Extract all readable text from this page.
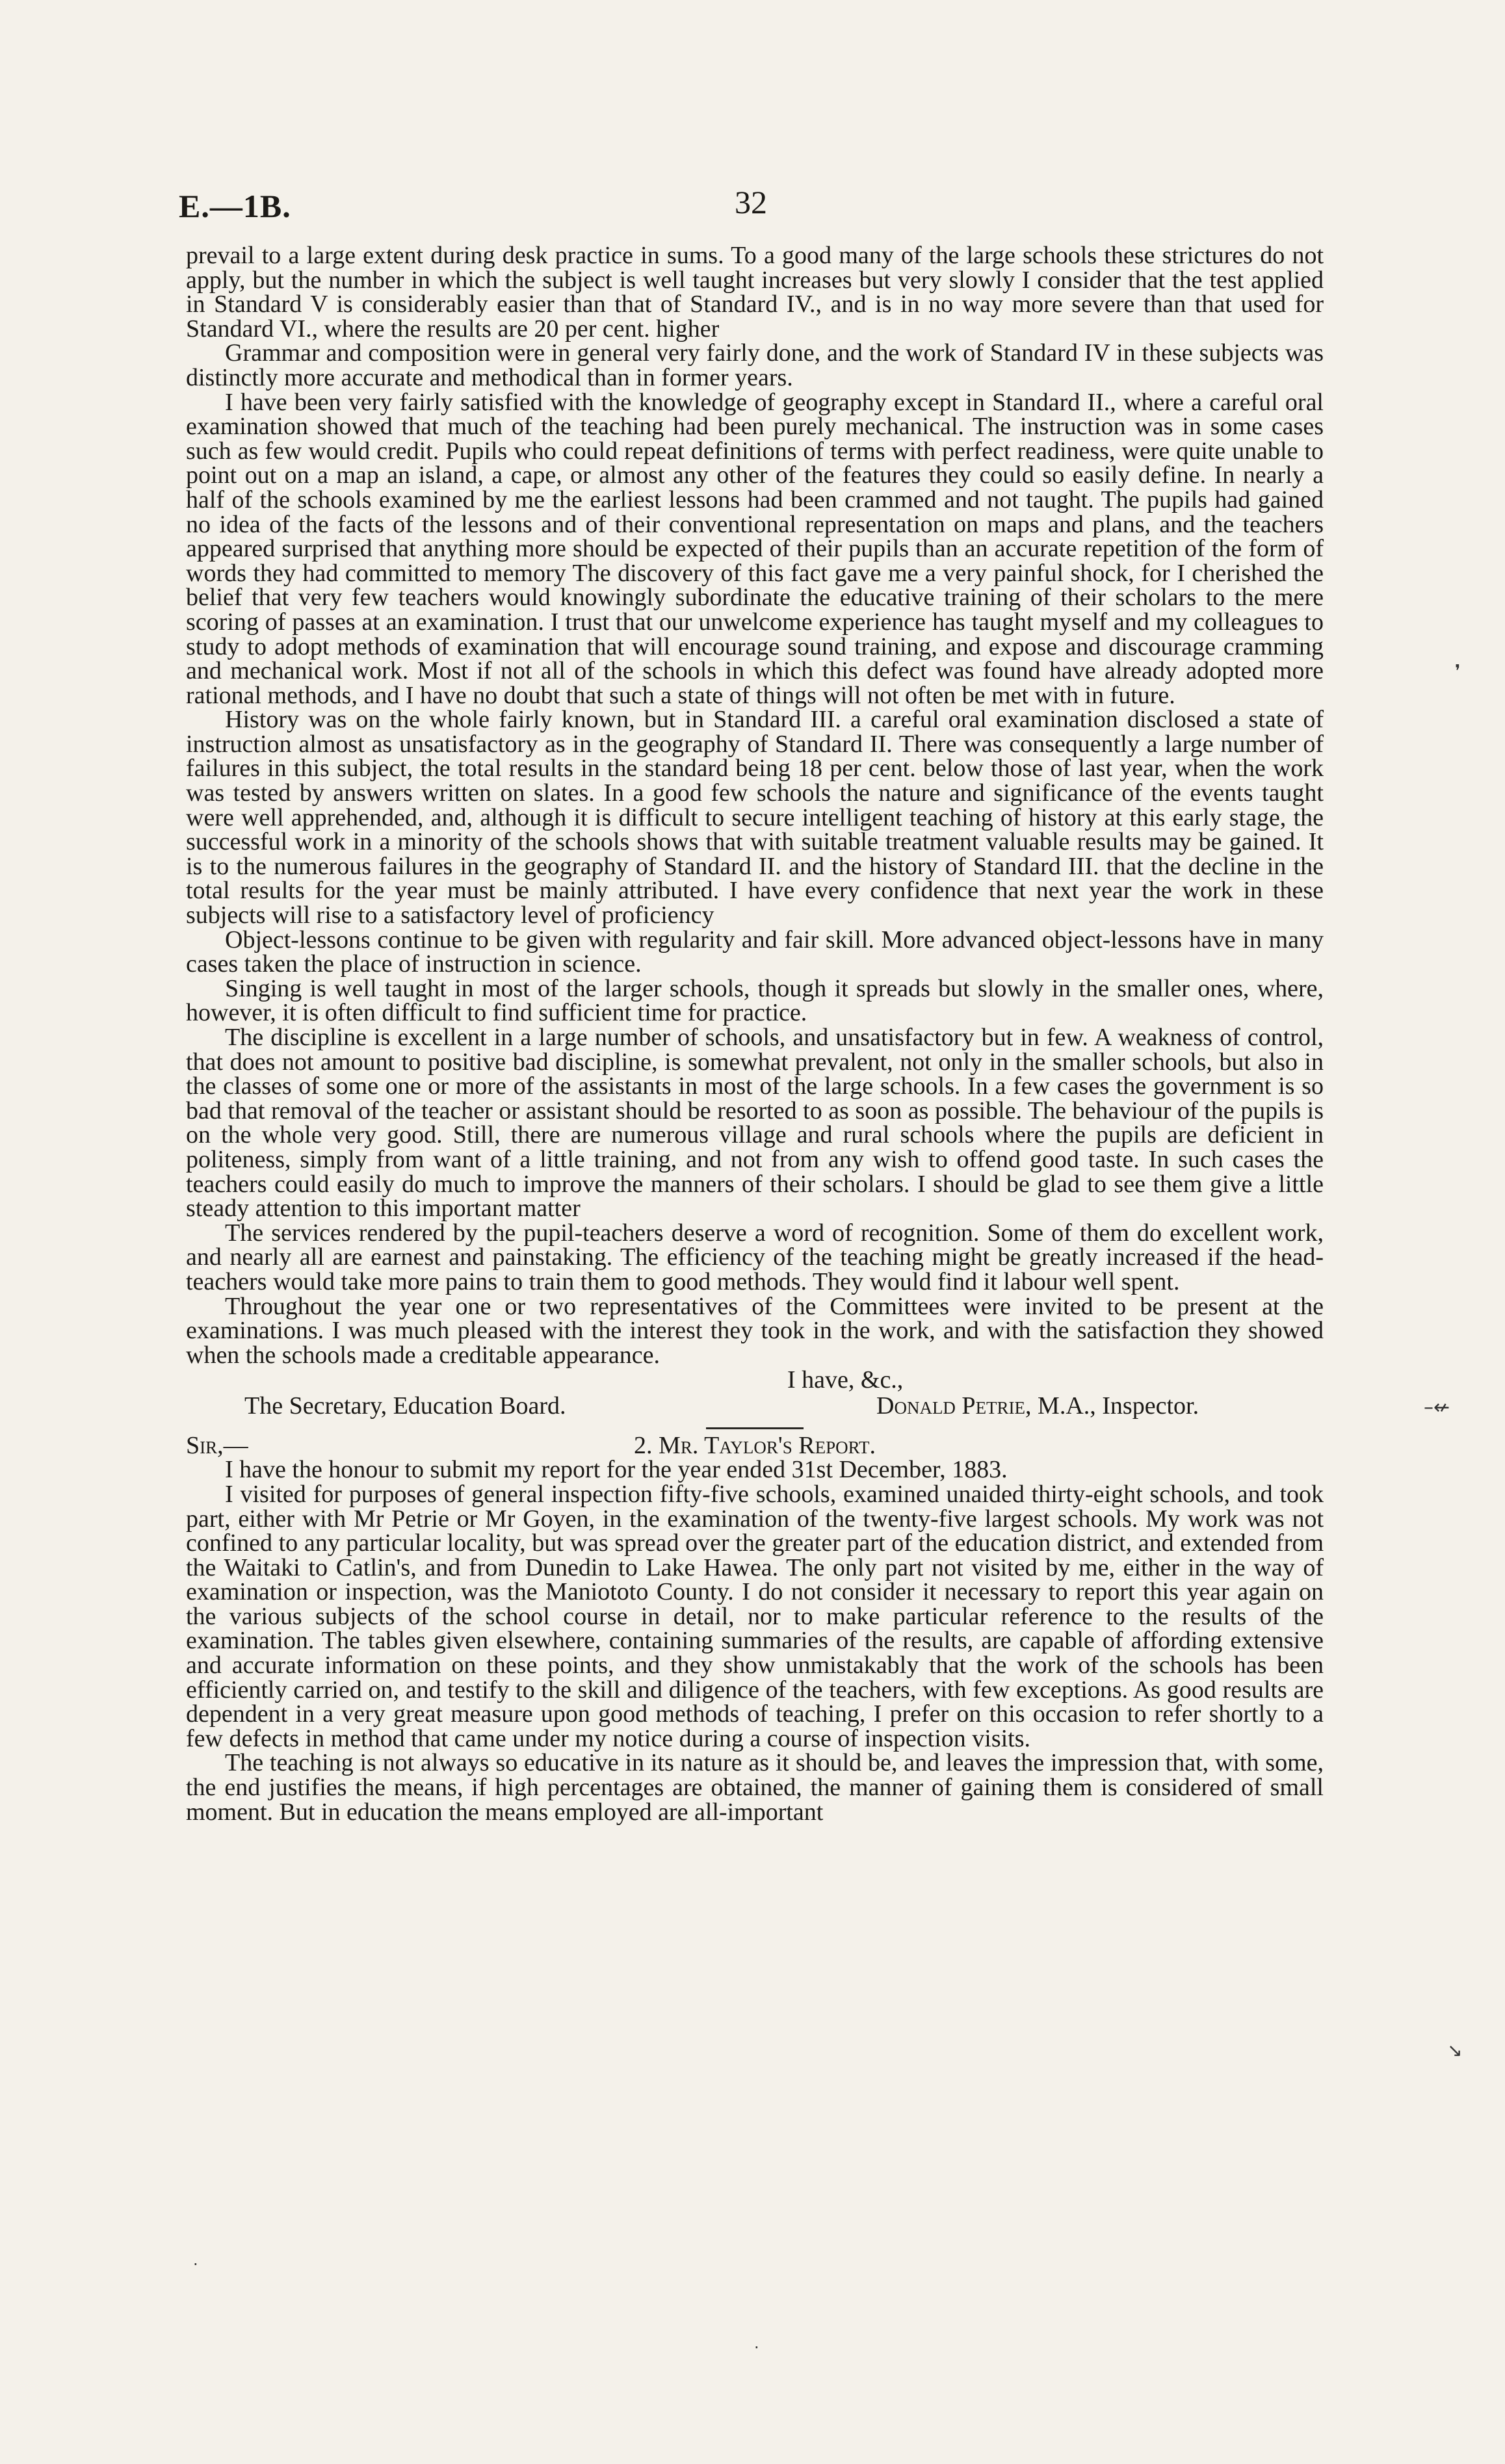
E.—1B.	32

prevail to a large extent during desk practice in sums. To a good many of the large schools these strictures do not apply, but the number in which the subject is well taught increases but very slowly I consider that the test applied in Standard V is considerably easier than that of Standard IV., and is in no way more severe than that used for Standard VI., where the results are 20 per cent. higher

Grammar and composition were in general very fairly done, and the work of Standard IV in these subjects was distinctly more accurate and methodical than in former years.

I have been very fairly satisfied with the knowledge of geography except in Standard II., where a careful oral examination showed that much of the teaching had been purely mechanical. The instruction was in some cases such as few would credit. Pupils who could repeat definitions of terms with perfect readiness, were quite unable to point out on a map an island, a cape, or almost any other of the features they could so easily define. In nearly a half of the schools examined by me the earliest lessons had been crammed and not taught. The pupils had gained no idea of the facts of the lessons and of their conventional representation on maps and plans, and the teachers appeared surprised that anything more should be expected of their pupils than an accurate repetition of the form of words they had committed to memory The discovery of this fact gave me a very painful shock, for I cherished the belief that very few teachers would knowingly subordinate the educative training of their scholars to the mere scoring of passes at an examination. I trust that our unwelcome experience has taught myself and my colleagues to study to adopt methods of examination that will encourage sound training, and expose and discourage cramming and mechanical work. Most if not all of the schools in which this defect was found have already adopted more rational methods, and I have no doubt that such a state of things will not often be met with in future.

History was on the whole fairly known, but in Standard III. a careful oral examination disclosed a state of instruction almost as unsatisfactory as in the geography of Standard II. There was consequently a large number of failures in this subject, the total results in the standard being 18 per cent. below those of last year, when the work was tested by answers written on slates. In a good few schools the nature and significance of the events taught were well apprehended, and, although it is difficult to secure intelligent teaching of history at this early stage, the successful work in a minority of the schools shows that with suitable treatment valuable results may be gained. It is to the numerous failures in the geography of Standard II. and the history of Standard III. that the decline in the total results for the year must be mainly attributed. I have every confidence that next year the work in these subjects will rise to a satisfactory level of proficiency

Object-lessons continue to be given with regularity and fair skill. More advanced object-lessons have in many cases taken the place of instruction in science.

Singing is well taught in most of the larger schools, though it spreads but slowly in the smaller ones, where, however, it is often difficult to find sufficient time for practice.

The discipline is excellent in a large number of schools, and unsatisfactory but in few. A weakness of control, that does not amount to positive bad discipline, is somewhat prevalent, not only in the smaller schools, but also in the classes of some one or more of the assistants in most of the large schools. In a few cases the government is so bad that removal of the teacher or assistant should be resorted to as soon as possible. The behaviour of the pupils is on the whole very good. Still, there are numerous village and rural schools where the pupils are deficient in politeness, simply from want of a little training, and not from any wish to offend good taste. In such cases the teachers could easily do much to improve the manners of their scholars. I should be glad to see them give a little steady attention to this important matter

The services rendered by the pupil-teachers deserve a word of recognition. Some of them do excellent work, and nearly all are earnest and painstaking. The efficiency of the teaching might be greatly increased if the head-teachers would take more pains to train them to good methods. They would find it labour well spent.

Throughout the year one or two representatives of the Committees were invited to be present at the examinations. I was much pleased with the interest they took in the work, and with the satisfaction they showed when the schools made a creditable appearance.

I have, &c.,
The Secretary, Education Board.	Donald Petrie, M.A., Inspector.
Sir,—	2. Mr. Taylor's Report.

I have the honour to submit my report for the year ended 31st December, 1883.

I visited for purposes of general inspection fifty-five schools, examined unaided thirty-eight schools, and took part, either with Mr Petrie or Mr Goyen, in the examination of the twenty-five largest schools. My work was not confined to any particular locality, but was spread over the greater part of the education district, and extended from the Waitaki to Catlin's, and from Dunedin to Lake Hawea. The only part not visited by me, either in the way of examination or inspection, was the Maniototo County. I do not consider it necessary to report this year again on the various subjects of the school course in detail, nor to make particular reference to the results of the examination. The tables given elsewhere, containing summaries of the results, are capable of affording extensive and accurate information on these points, and they show unmistakably that the work of the schools has been efficiently carried on, and testify to the skill and diligence of the teachers, with few exceptions. As good results are dependent in a very great measure upon good methods of teaching, I prefer on this occasion to refer shortly to a few defects in method that came under my notice during a course of inspection visits.

The teaching is not always so educative in its nature as it should be, and leaves the impression that, with some, the end justifies the means, if high percentages are obtained, the manner of gaining them is considered of small moment. But in education the means employed are all-important

❜
–↚
↘
·
·
